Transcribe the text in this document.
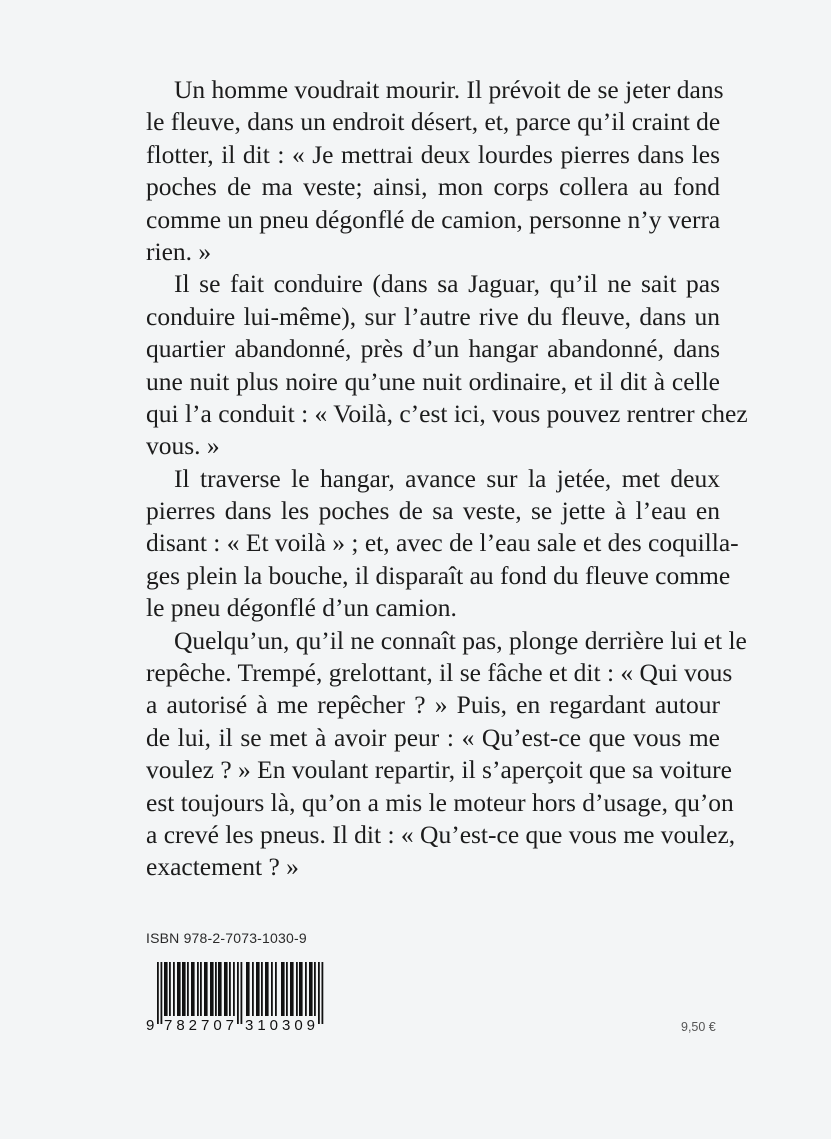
Un homme voudrait mourir. Il prévoit de se jeter dans
le fleuve, dans un endroit désert, et, parce qu’il craint de
flotter, il dit : « Je mettrai deux lourdes pierres dans les
poches de ma veste; ainsi, mon corps collera au fond
comme un pneu dégonflé de camion, personne n’y verra
rien. »
Il se fait conduire (dans sa Jaguar, qu’il ne sait pas
conduire lui-même), sur l’autre rive du fleuve, dans un
quartier abandonné, près d’un hangar abandonné, dans
une nuit plus noire qu’une nuit ordinaire, et il dit à celle
qui l’a conduit : « Voilà, c’est ici, vous pouvez rentrer chez
vous. »
Il traverse le hangar, avance sur la jetée, met deux
pierres dans les poches de sa veste, se jette à l’eau en
disant : « Et voilà » ; et, avec de l’eau sale et des coquilla-
ges plein la bouche, il disparaît au fond du fleuve comme
le pneu dégonflé d’un camion.
Quelqu’un, qu’il ne connaît pas, plonge derrière lui et le
repêche. Trempé, grelottant, il se fâche et dit : « Qui vous
a autorisé à me repêcher ? » Puis, en regardant autour
de lui, il se met à avoir peur : « Qu’est-ce que vous me
voulez ? » En voulant repartir, il s’aperçoit que sa voiture
est toujours là, qu’on a mis le moteur hors d’usage, qu’on
a crevé les pneus. Il dit : « Qu’est-ce que vous me voulez,
exactement ? »
ISBN 978-2-7073-1030-9
9 782707 310309	9,50 €
